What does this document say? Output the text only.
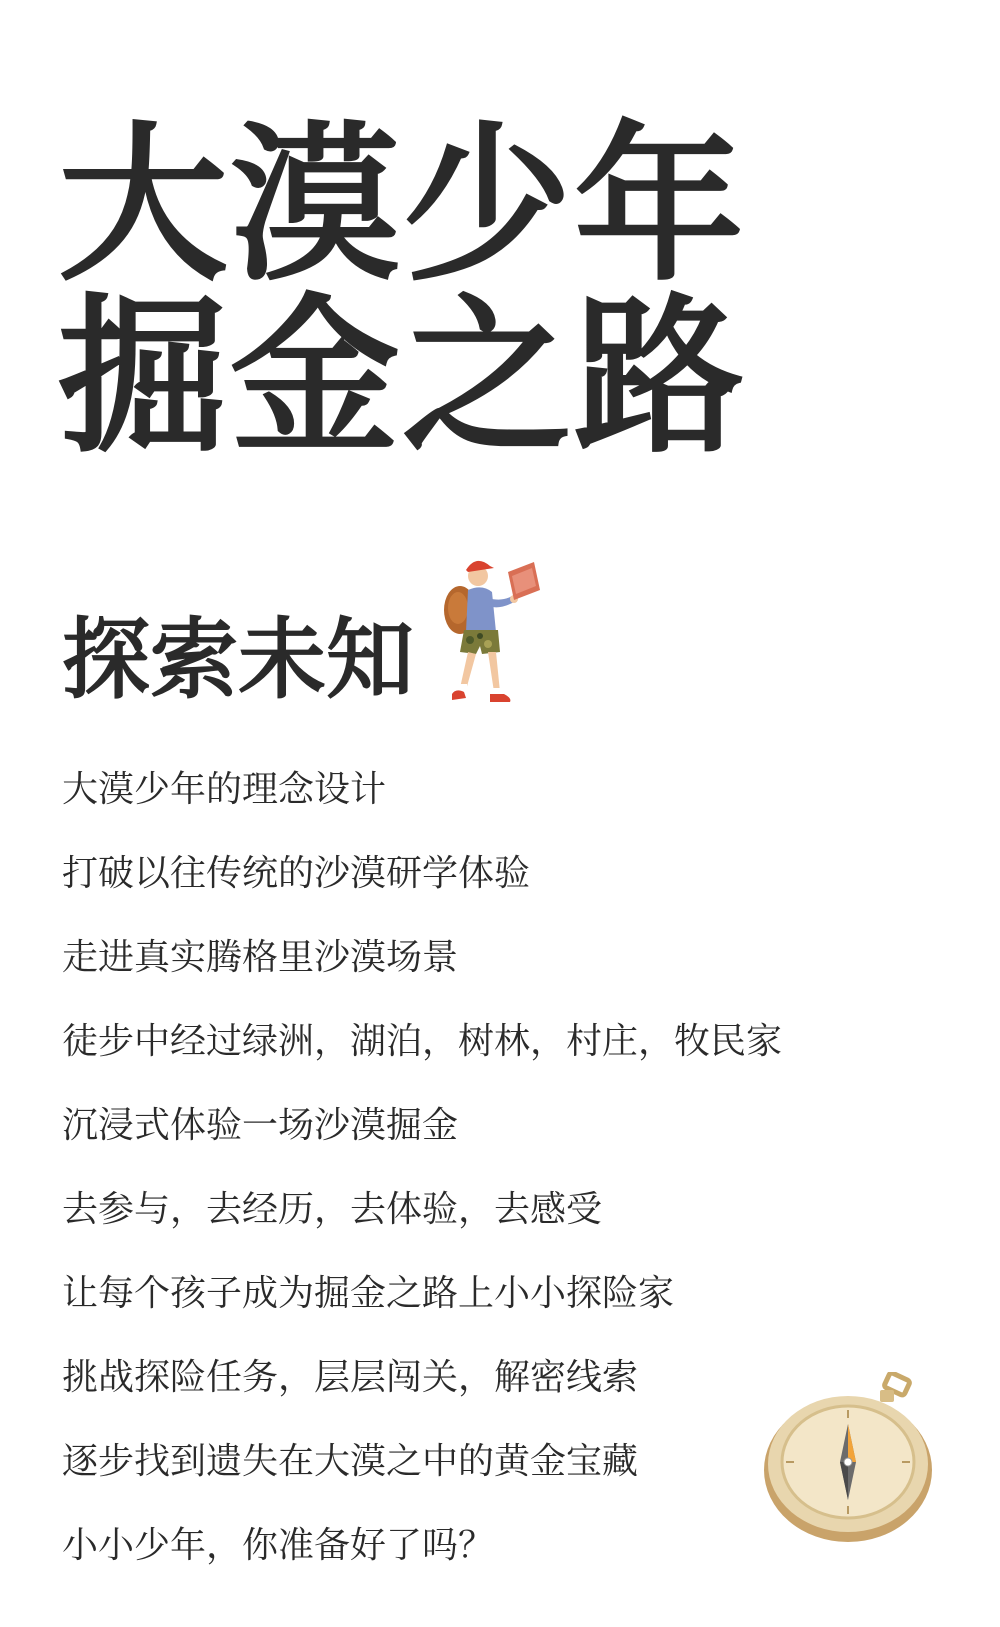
大漠少年
掘金之路
探索未知
大漠少年的理念设计
打破以往传统的沙漠研学体验
走进真实腾格里沙漠场景
徒步中经过绿洲，湖泊，树林，村庄，牧民家
沉浸式体验一场沙漠掘金
去参与，去经历，去体验，去感受
让每个孩子成为掘金之路上小小探险家
挑战探险任务，层层闯关，解密线索
逐步找到遗失在大漠之中的黄金宝藏
小小少年，你准备好了吗？
